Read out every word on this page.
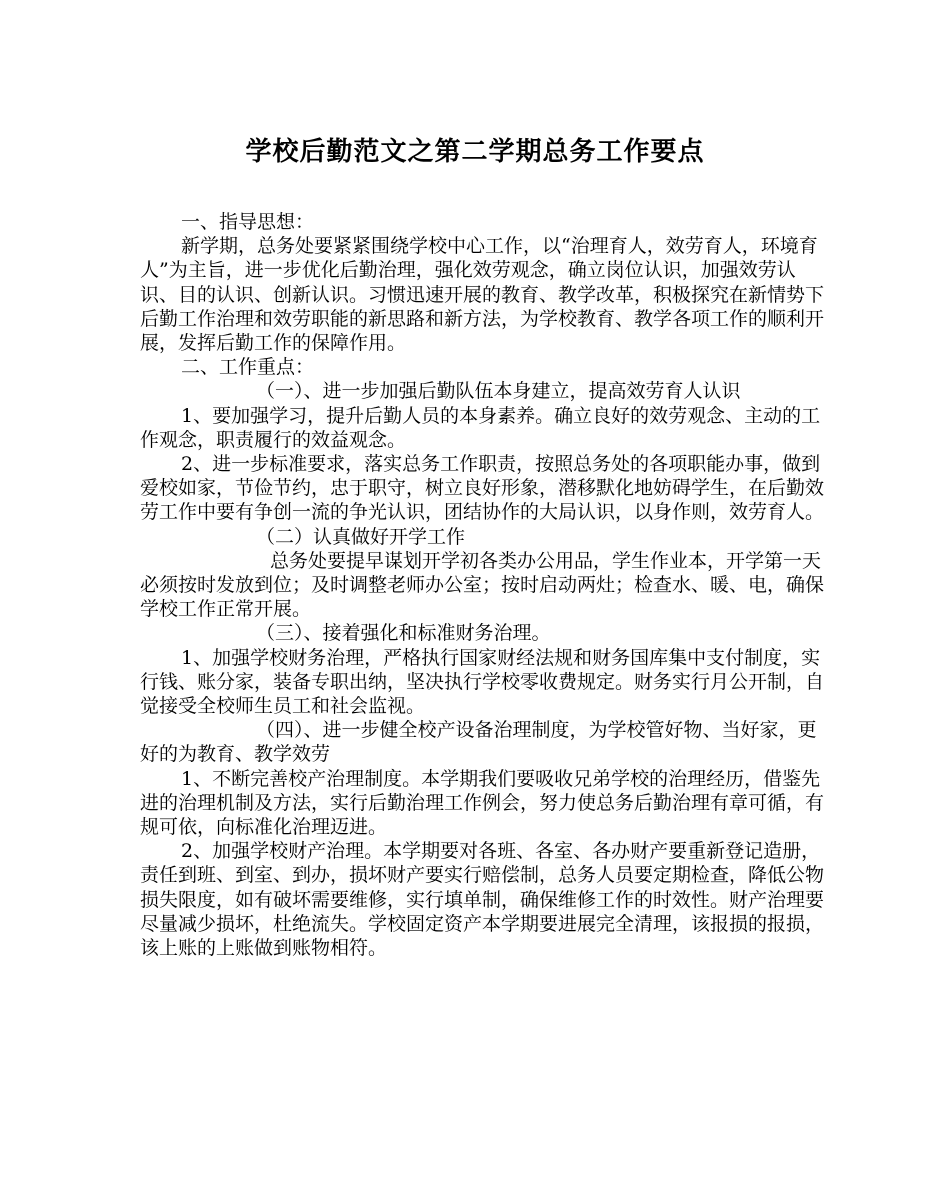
学校后勤范文之第二学期总务工作要点

一、指导思想：

新学期，总务处要紧紧围绕学校中心工作，以“治理育人，效劳育人，环境育人”为主旨，进一步优化后勤治理，强化效劳观念，确立岗位认识，加强效劳认识、目的认识、创新认识。习惯迅速开展的教育、教学改革，积极探究在新情势下后勤工作治理和效劳职能的新思路和新方法，为学校教育、教学各项工作的顺利开展，发挥后勤工作的保障作用。

二、工作重点：

（一）、进一步加强后勤队伍本身建立，提高效劳育人认识

1、要加强学习，提升后勤人员的本身素养。确立良好的效劳观念、主动的工作观念，职责履行的效益观念。

2、进一步标准要求，落实总务工作职责，按照总务处的各项职能办事，做到爱校如家，节俭节约，忠于职守，树立良好形象，潜移默化地妨碍学生，在后勤效劳工作中要有争创一流的争光认识，团结协作的大局认识，以身作则，效劳育人。

（二）认真做好开学工作

总务处要提早谋划开学初各类办公用品，学生作业本，开学第一天必须按时发放到位；及时调整老师办公室；按时启动两灶；检查水、暖、电，确保学校工作正常开展。

（三）、接着强化和标准财务治理。

1、加强学校财务治理，严格执行国家财经法规和财务国库集中支付制度，实行钱、账分家，装备专职出纳，坚决执行学校零收费规定。财务实行月公开制，自觉接受全校师生员工和社会监视。

（四）、进一步健全校产设备治理制度，为学校管好物、当好家，更好的为教育、教学效劳

1、不断完善校产治理制度。本学期我们要吸收兄弟学校的治理经历，借鉴先进的治理机制及方法，实行后勤治理工作例会，努力使总务后勤治理有章可循，有规可依，向标准化治理迈进。

2、加强学校财产治理。本学期要对各班、各室、各办财产要重新登记造册，责任到班、到室、到办，损坏财产要实行赔偿制，总务人员要定期检查，降低公物损失限度，如有破坏需要维修，实行填单制，确保维修工作的时效性。财产治理要尽量减少损坏，杜绝流失。学校固定资产本学期要进展完全清理，该报损的报损，该上账的上账做到账物相符。
